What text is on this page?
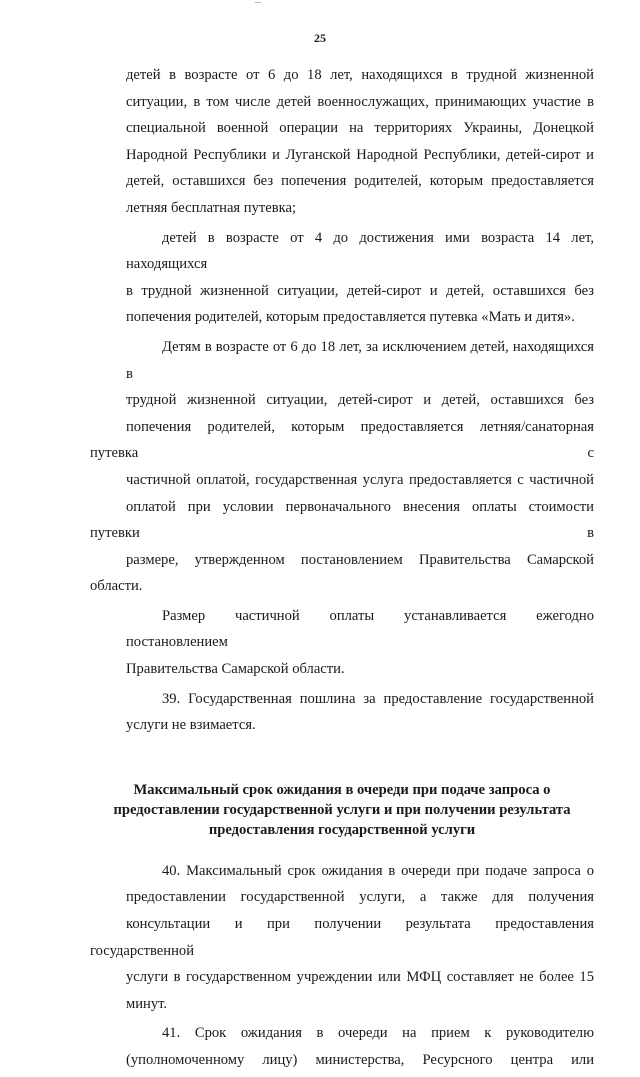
25
детей в возрасте от 6 до 18 лет, находящихся в трудной жизненной
ситуации, в том числе детей военнослужащих, принимающих участие в
специальной военной операции на территориях Украины, Донецкой
Народной Республики и Луганской Народной Республики, детей-сирот и
детей, оставшихся без попечения родителей, которым предоставляется
летняя бесплатная путевка;
детей в возрасте от 4 до достижения ими возраста 14 лет, находящихся
в трудной жизненной ситуации, детей-сирот и детей, оставшихся без
попечения родителей, которым предоставляется путевка «Мать и дитя».
Детям в возрасте от 6 до 18 лет, за исключением детей, находящихся в
трудной жизненной ситуации, детей-сирот и детей, оставшихся без
попечения родителей, которым предоставляется летняя/санаторная путевка с
частичной оплатой, государственная услуга предоставляется с частичной
оплатой при условии первоначального внесения оплаты стоимости путевки в
размере, утвержденном постановлением Правительства Самарской области.
Размер частичной оплаты устанавливается ежегодно постановлением
Правительства Самарской области.
39. Государственная пошлина за предоставление государственной
услуги не взимается.
Максимальный срок ожидания в очереди при подаче запроса о
предоставлении государственной услуги и при получении результата
предоставления государственной услуги
40. Максимальный срок ожидания в очереди при подаче запроса о
предоставлении государственной услуги, а также для получения
консультации и при получении результата предоставления государственной
услуги в государственном учреждении или МФЦ составляет не более 15
минут.
41. Срок ожидания в очереди на прием к руководителю
(уполномоченному лицу) министерства, Ресурсного центра или
